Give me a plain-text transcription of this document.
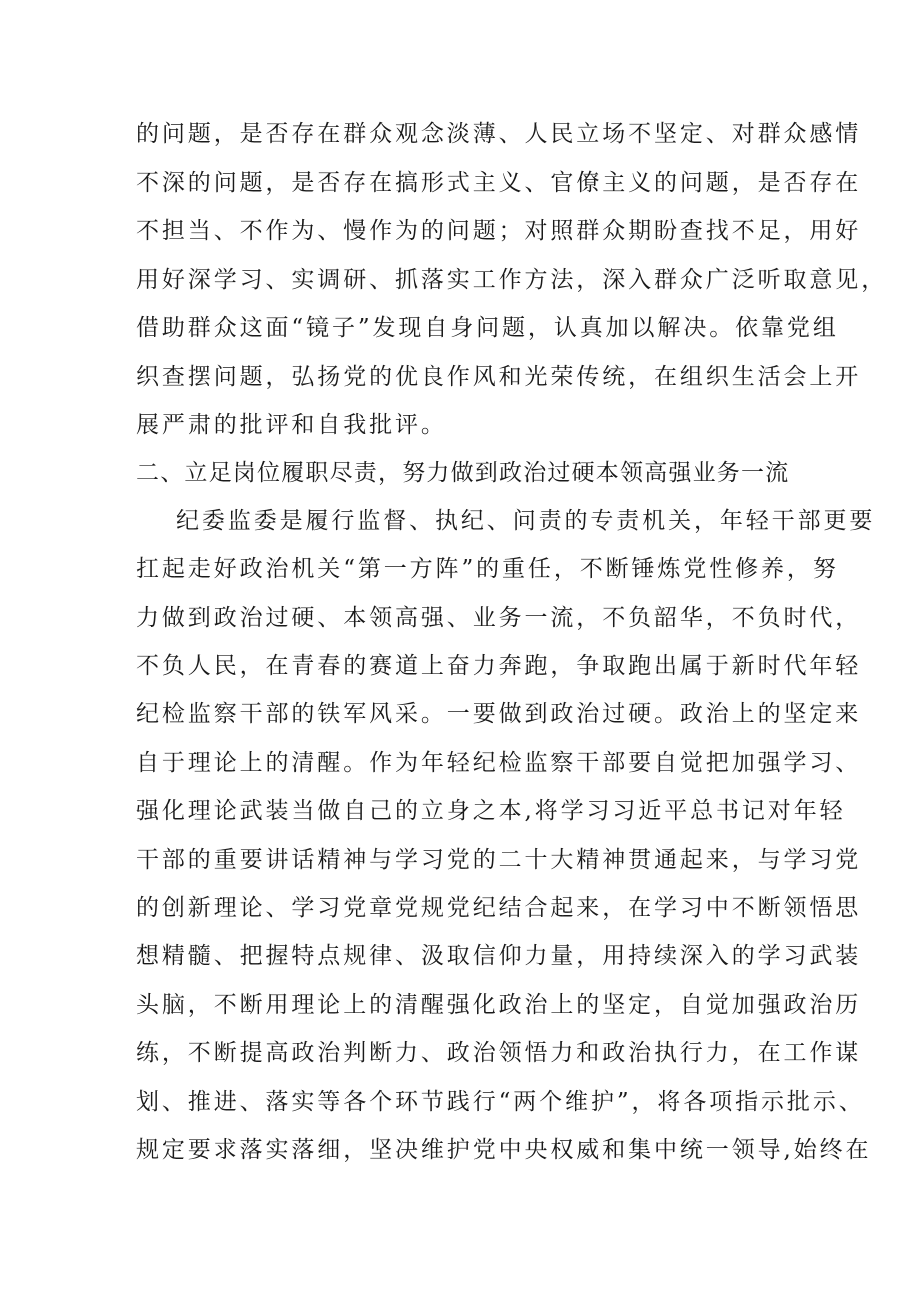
的问题，是否存在群众观念淡薄、人民立场不坚定、对群众感情

不深的问题，是否存在搞形式主义、官僚主义的问题，是否存在

不担当、不作为、慢作为的问题；对照群众期盼查找不足，用好

用好深学习、实调研、抓落实工作方法，深入群众广泛听取意见，

借助群众这面“镜子”发现自身问题，认真加以解决。依靠党组

织查摆问题，弘扬党的优良作风和光荣传统，在组织生活会上开

展严肃的批评和自我批评。

二、立足岗位履职尽责，努力做到政治过硬本领高强业务一流

纪委监委是履行监督、执纪、问责的专责机关，年轻干部更要

扛起走好政治机关“第一方阵”的重任，不断锤炼党性修养，努

力做到政治过硬、本领高强、业务一流，不负韶华，不负时代，

不负人民，在青春的赛道上奋力奔跑，争取跑出属于新时代年轻

纪检监察干部的铁军风采。一要做到政治过硬。政治上的坚定来

自于理论上的清醒。作为年轻纪检监察干部要自觉把加强学习、

强化理论武装当做自己的立身之本,将学习习近平总书记对年轻

干部的重要讲话精神与学习党的二十大精神贯通起来，与学习党

的创新理论、学习党章党规党纪结合起来，在学习中不断领悟思

想精髓、把握特点规律、汲取信仰力量，用持续深入的学习武装

头脑，不断用理论上的清醒强化政治上的坚定，自觉加强政治历

练，不断提高政治判断力、政治领悟力和政治执行力，在工作谋

划、推进、落实等各个环节践行“两个维护”，将各项指示批示、

规定要求落实落细，坚决维护党中央权威和集中统一领导,始终在
